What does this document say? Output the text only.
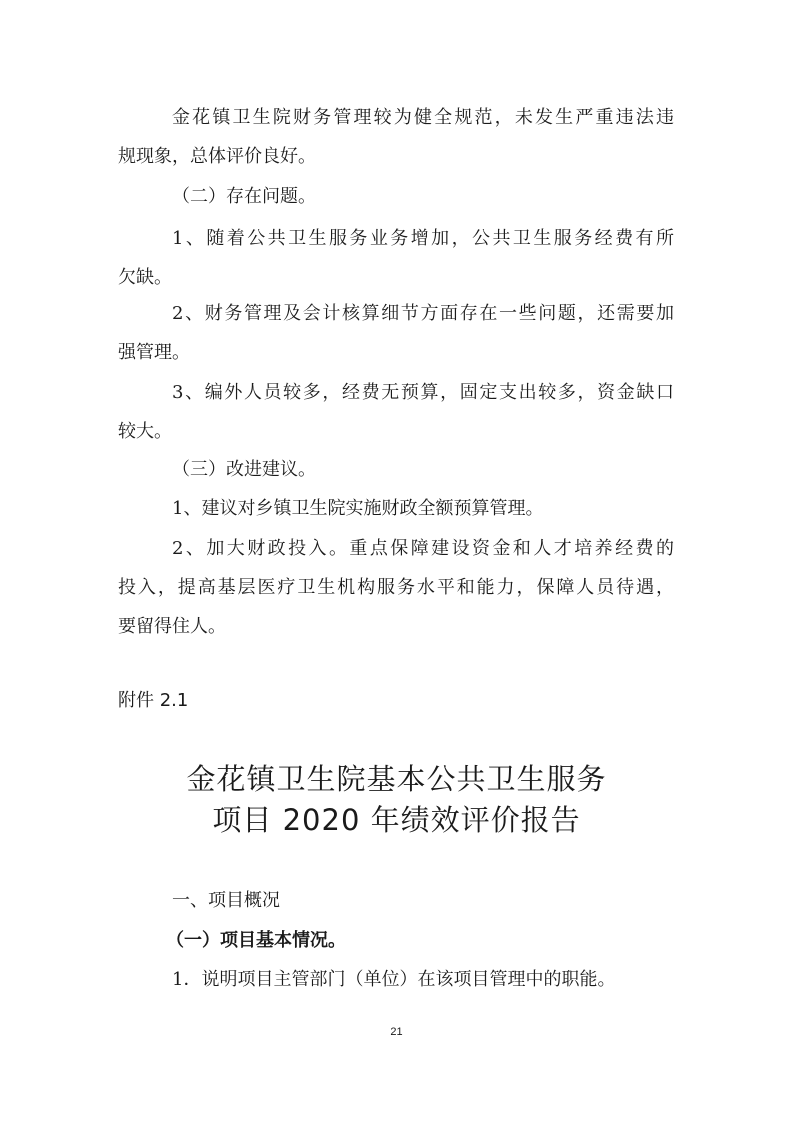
金花镇卫生院财务管理较为健全规范，未发生严重违法违
规现象，总体评价良好。
（二）存在问题。
1、随着公共卫生服务业务增加，公共卫生服务经费有所
欠缺。
2、财务管理及会计核算细节方面存在一些问题，还需要加
强管理。
3、编外人员较多，经费无预算，固定支出较多，资金缺口
较大。
（三）改进建议。
1、建议对乡镇卫生院实施财政全额预算管理。
2、加大财政投入。重点保障建设资金和人才培养经费的
投入，提高基层医疗卫生机构服务水平和能力，保障人员待遇，
要留得住人。
附件 2.1
金花镇卫生院基本公共卫生服务
项目 2020 年绩效评价报告
一、项目概况
（一）项目基本情况。
1．说明项目主管部门（单位）在该项目管理中的职能。
21
